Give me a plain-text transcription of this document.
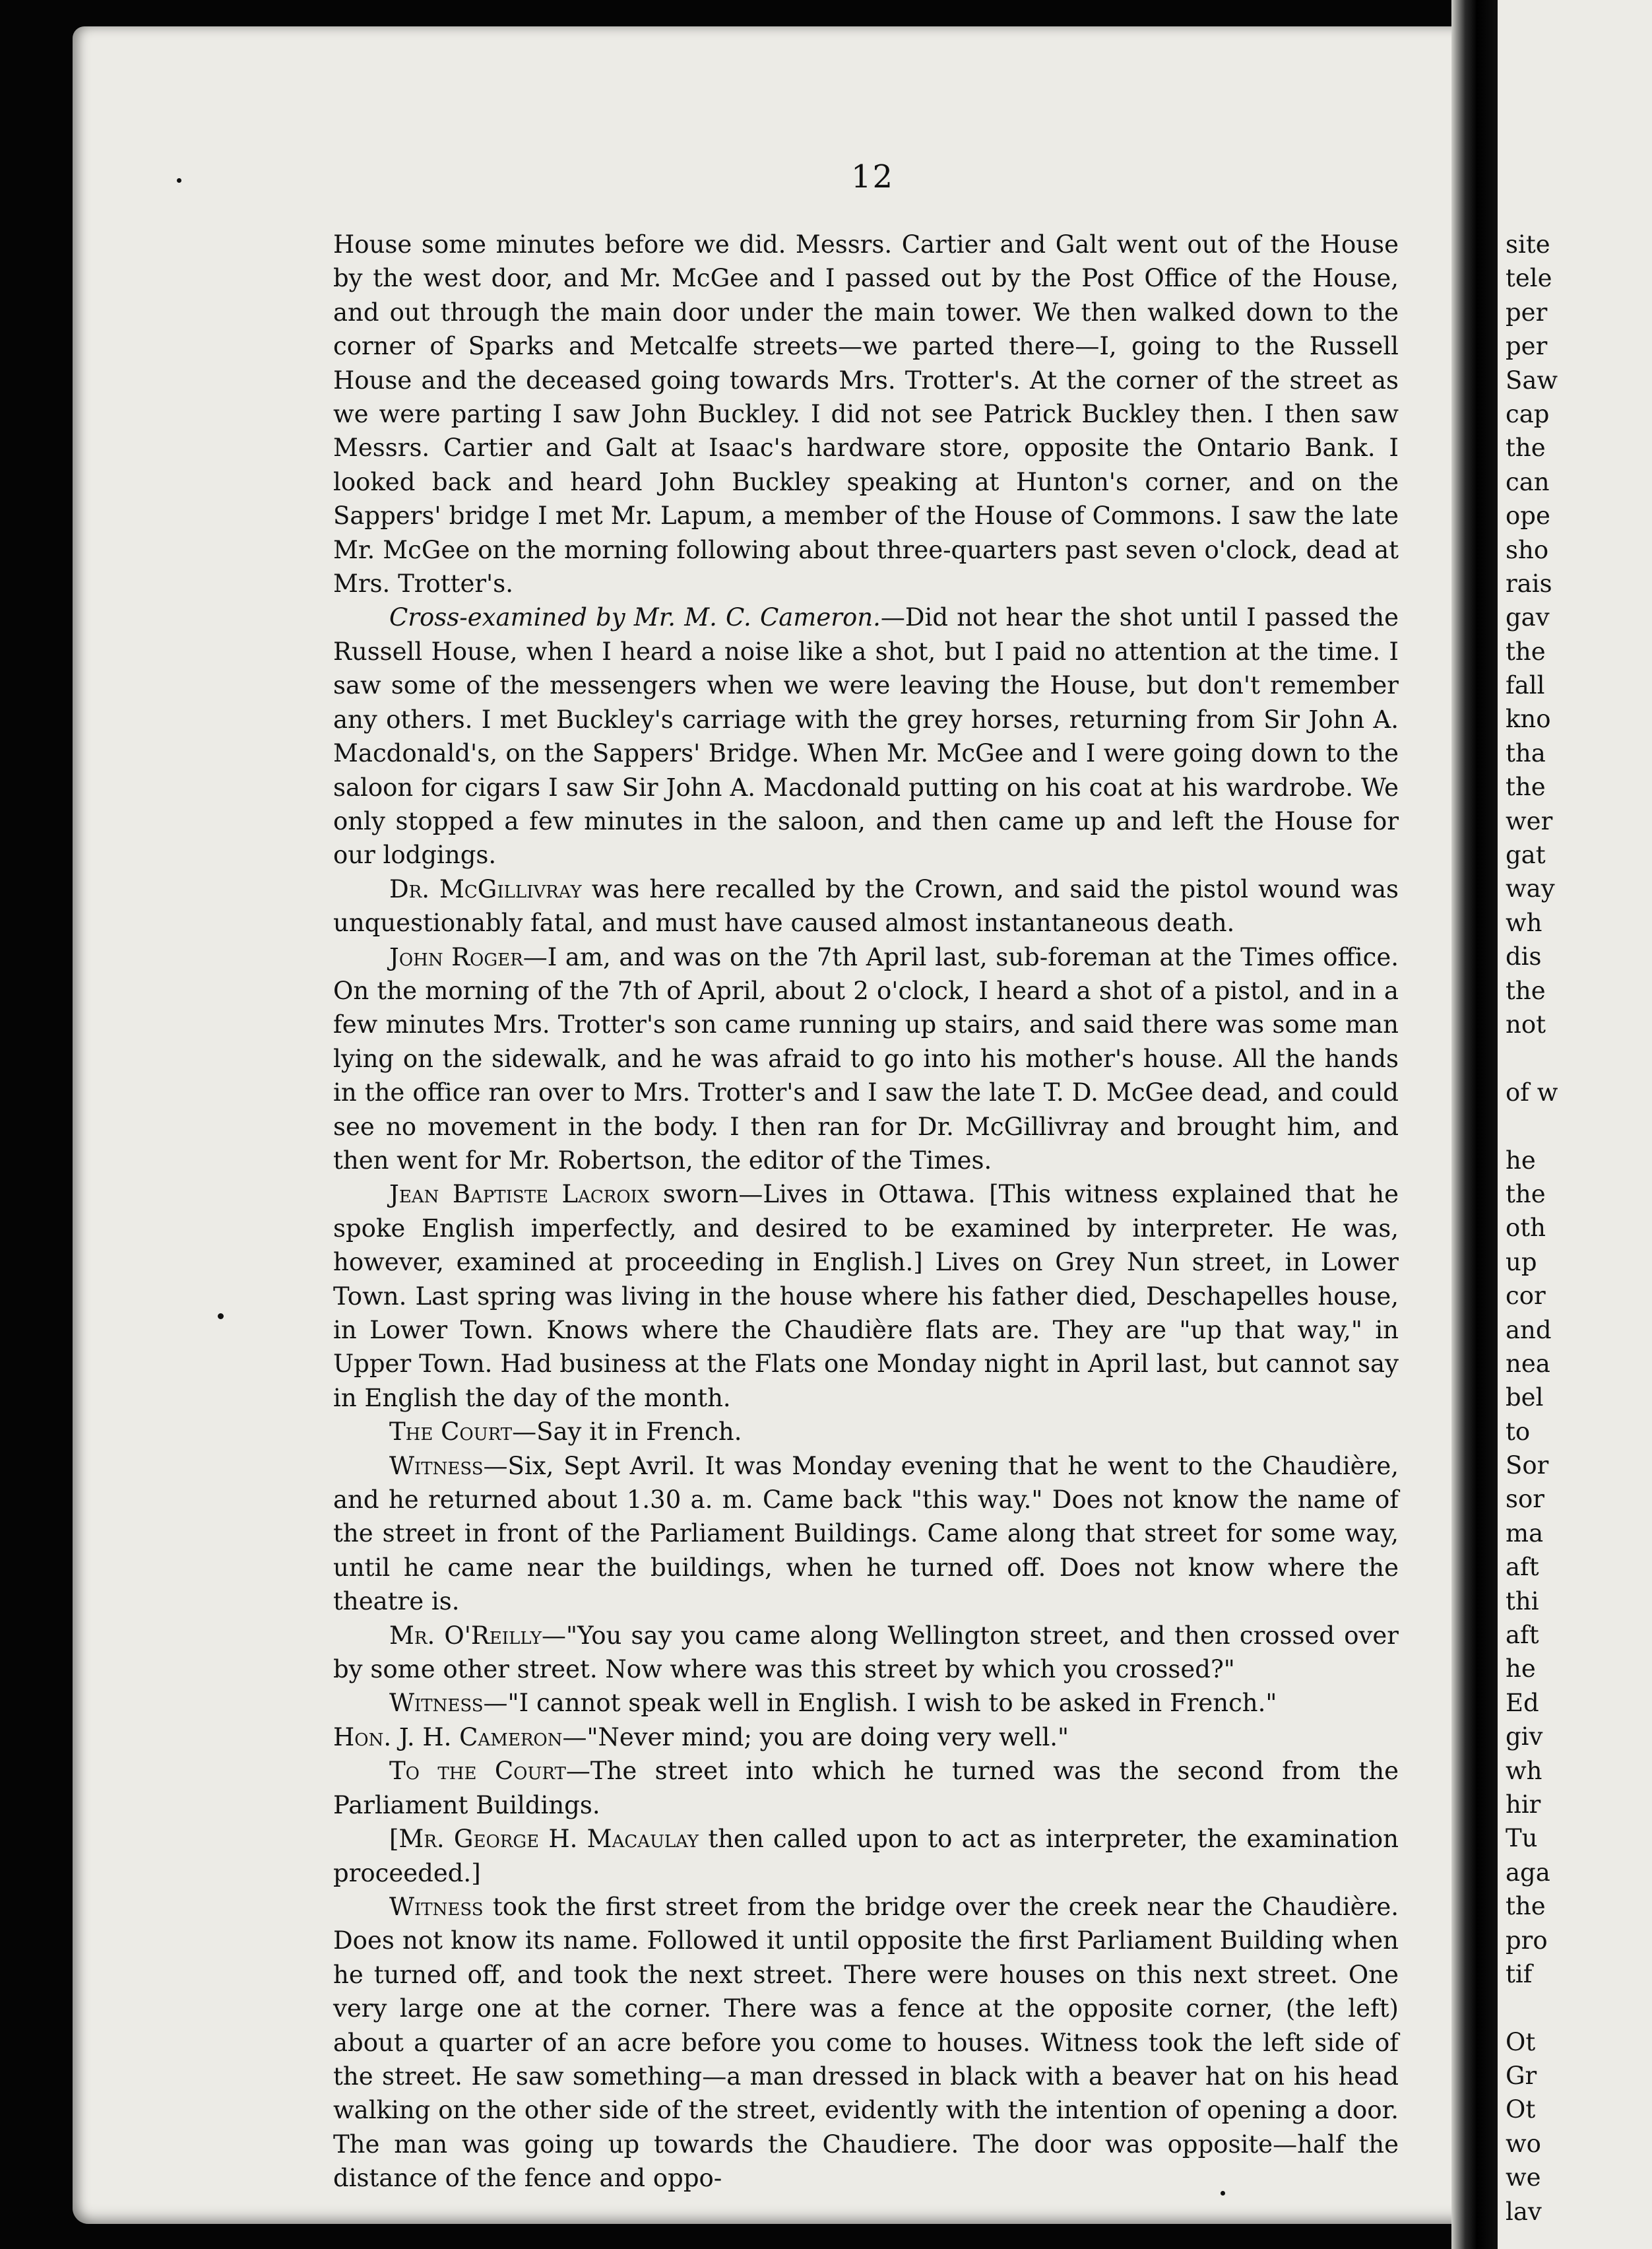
12

House some minutes before we did. Messrs. Cartier and Galt went out of the House by the west door, and Mr. McGee and I passed out by the Post Office of the House, and out through the main door under the main tower. We then walked down to the corner of Sparks and Metcalfe streets—we parted there—I, going to the Russell House and the deceased going towards Mrs. Trotter's. At the corner of the street as we were parting I saw John Buckley. I did not see Patrick Buckley then. I then saw Messrs. Cartier and Galt at Isaac's hardware store, opposite the Ontario Bank. I looked back and heard John Buckley speaking at Hunton's corner, and on the Sappers' bridge I met Mr. Lapum, a member of the House of Commons. I saw the late Mr. McGee on the morning following about three-quarters past seven o'clock, dead at Mrs. Trotter's.

Cross-examined by Mr. M. C. Cameron.—Did not hear the shot until I passed the Russell House, when I heard a noise like a shot, but I paid no attention at the time. I saw some of the messengers when we were leaving the House, but don't remember any others. I met Buckley's carriage with the grey horses, returning from Sir John A. Macdonald's, on the Sappers' Bridge. When Mr. McGee and I were going down to the saloon for cigars I saw Sir John A. Macdonald putting on his coat at his wardrobe. We only stopped a few minutes in the saloon, and then came up and left the House for our lodgings.

Dr. McGillivray was here recalled by the Crown, and said the pistol wound was unquestionably fatal, and must have caused almost instantaneous death.

John Roger—I am, and was on the 7th April last, sub-foreman at the Times office. On the morning of the 7th of April, about 2 o'clock, I heard a shot of a pistol, and in a few minutes Mrs. Trotter's son came running up stairs, and said there was some man lying on the sidewalk, and he was afraid to go into his mother's house. All the hands in the office ran over to Mrs. Trotter's and I saw the late T. D. McGee dead, and could see no movement in the body. I then ran for Dr. McGillivray and brought him, and then went for Mr. Robertson, the editor of the Times.

Jean Baptiste Lacroix sworn—Lives in Ottawa. [This witness explained that he spoke English imperfectly, and desired to be examined by interpreter. He was, however, examined at proceeding in English.] Lives on Grey Nun street, in Lower Town. Last spring was living in the house where his father died, Deschapelles house, in Lower Town. Knows where the Chaudière flats are. They are "up that way," in Upper Town. Had business at the Flats one Monday night in April last, but cannot say in English the day of the month.

The Court—Say it in French.

Witness—Six, Sept Avril. It was Monday evening that he went to the Chaudière, and he returned about 1.30 a. m. Came back "this way." Does not know the name of the street in front of the Parliament Buildings. Came along that street for some way, until he came near the buildings, when he turned off. Does not know where the theatre is.

Mr. O'Reilly—"You say you came along Wellington street, and then crossed over by some other street. Now where was this street by which you crossed?"

Witness—"I cannot speak well in English. I wish to be asked in French."

Hon. J. H. Cameron—"Never mind; you are doing very well."

To the Court—The street into which he turned was the second from the Parliament Buildings.

[Mr. George H. Macaulay then called upon to act as interpreter, the examination proceeded.]

Witness took the first street from the bridge over the creek near the Chaudière. Does not know its name. Followed it until opposite the first Parliament Building when he turned off, and took the next street. There were houses on this next street. One very large one at the corner. There was a fence at the opposite corner, (the left) about a quarter of an acre before you come to houses. Witness took the left side of the street. He saw something—a man dressed in black with a beaver hat on his head walking on the other side of the street, evidently with the intention of opening a door. The man was going up towards the Chaudiere. The door was opposite—half the distance of the fence and oppo-

site
tele
per
per
Saw
cap
the
can
ope
sho
rais
gav
the
fall
kno
tha
the
wer
gat
way
wh
dis
the
not
of w
he
the
oth
up
cor
and
nea
bel
to
Sor
sor
ma
aft
thi
aft
he
Ed
giv
wh
hir
Tu
aga
the
pro
tif
Ot
Gr
Ot
wo
we
lav
